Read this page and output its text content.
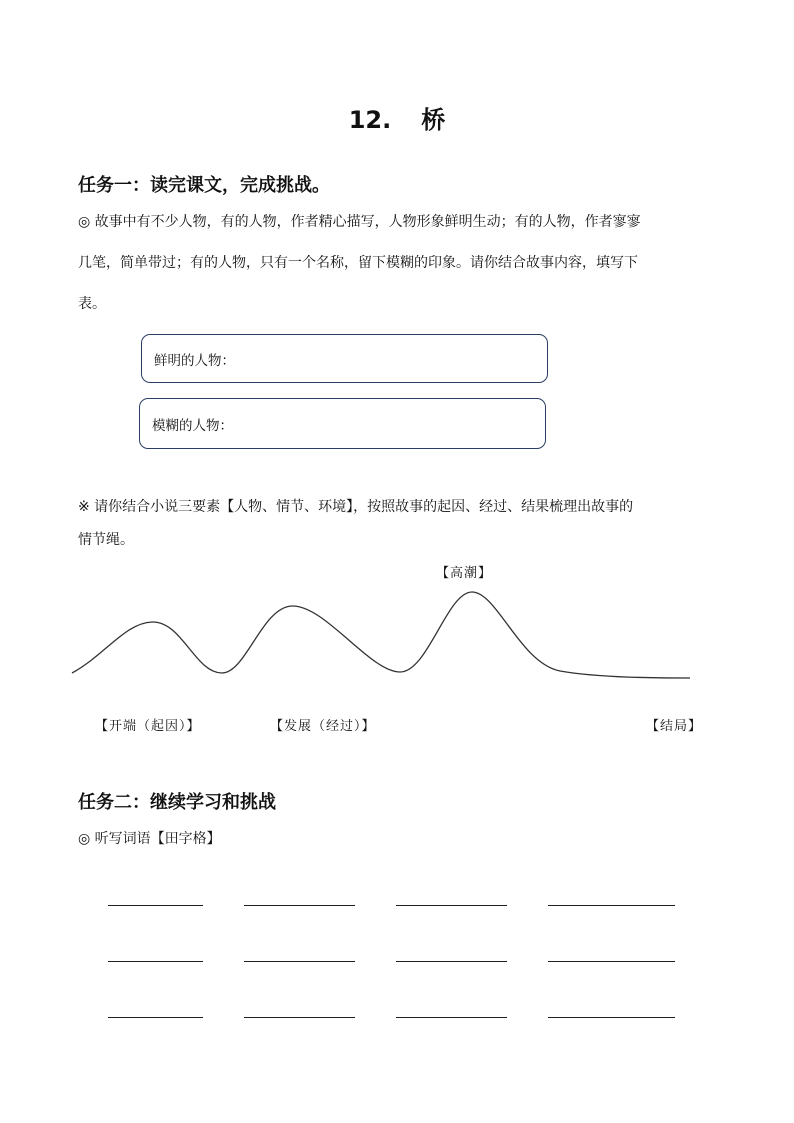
12. 桥
任务一：读完课文，完成挑战。
◎ 故事中有不少人物，有的人物，作者精心描写，人物形象鲜明生动；有的人物，作者寥寥
几笔，简单带过；有的人物，只有一个名称，留下模糊的印象。请你结合故事内容，填写下
表。
鲜明的人物：
模糊的人物：
※ 请你结合小说三要素【人物、情节、环境】，按照故事的起因、经过、结果梳理出故事的
情节绳。
【高潮】
【开端（起因）】	【发展（经过）】	【结局】
任务二：继续学习和挑战
◎ 听写词语【田字格】
